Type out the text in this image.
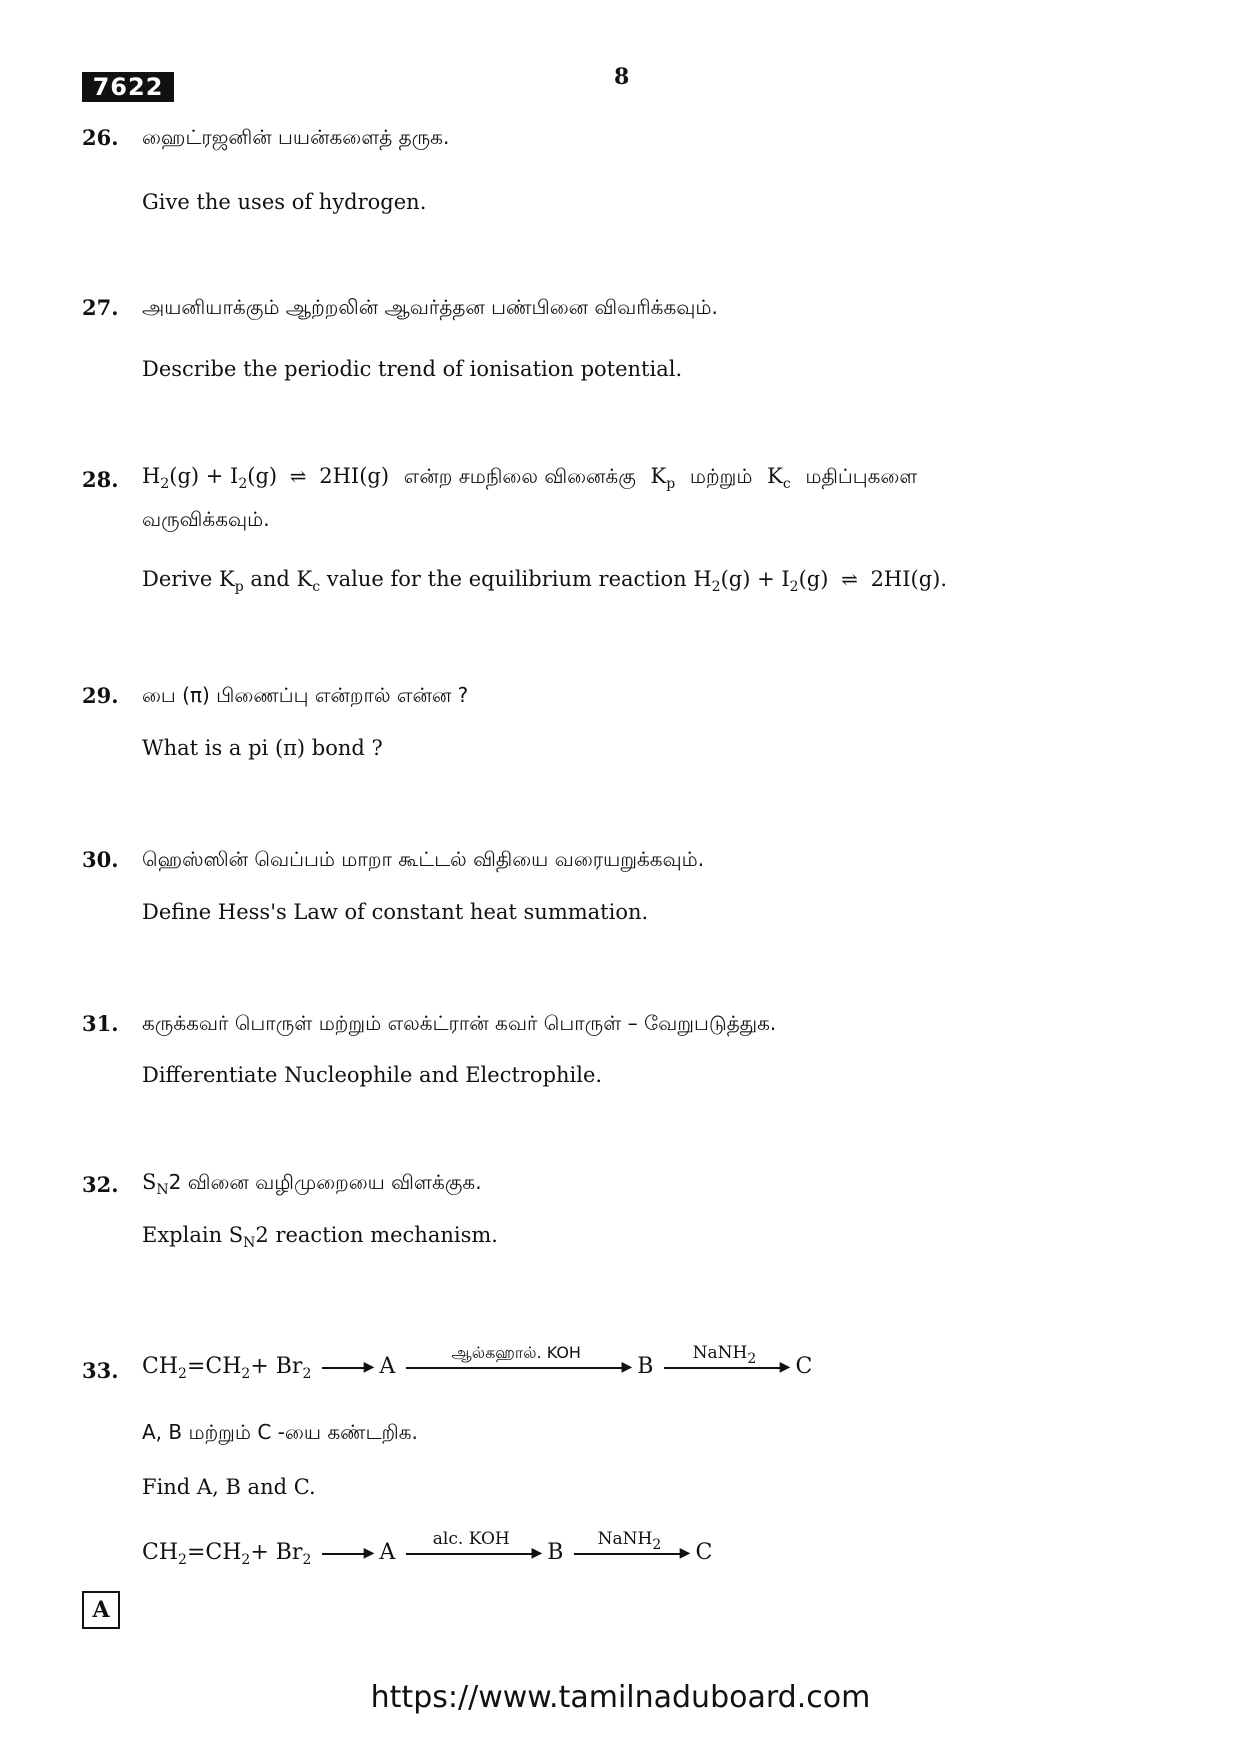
7622	8
26. ஹைட்ரஜனின் பயன்களைத் தருக.
Give the uses of hydrogen.
27. அயனியாக்கும் ஆற்றலின் ஆவர்த்தன பண்பினை விவரிக்கவும்.
Describe the periodic trend of ionisation potential.
28. $H_2(g) + I_2(g)$ ⇌ 2HI(g) என்ற சமநிலை வினைக்கு $K_p$ மற்றும் $K_c$ மதிப்புகளை
வருவிக்கவும்.
Derive $K_p$ and $K_c$ value for the equilibrium reaction $H_2(g) + I_2(g)$ ⇌ 2HI(g).
29. பை (π) பிணைப்பு என்றால் என்ன ?
What is a pi (π) bond ?
30. ஹெஸ்ஸின் வெப்பம் மாறா கூட்டல் விதியை வரையறுக்கவும்.
Define Hess's Law of constant heat summation.
31. கருக்கவர் பொருள் மற்றும் எலக்ட்ரான் கவர் பொருள் – வேறுபடுத்துக.
Differentiate Nucleophile and Electrophile.
32. $S_N2$ வினை வழிமுறையை விளக்குக.
Explain $S_N2$ reaction mechanism.
33. $CH_2=CH_2+ Br_2$	▶ A
ஆல்கஹால். KOH
▶ B
NaNH$_2$	▶ C
A, B மற்றும் C -யை கண்டறிக.
Find A, B and C.
$CH_2=CH_2+ Br_2$	▶ A
alc. KOH
▶ B
NaNH$_2$	▶ C
A
https://www.tamilnaduboard.com
